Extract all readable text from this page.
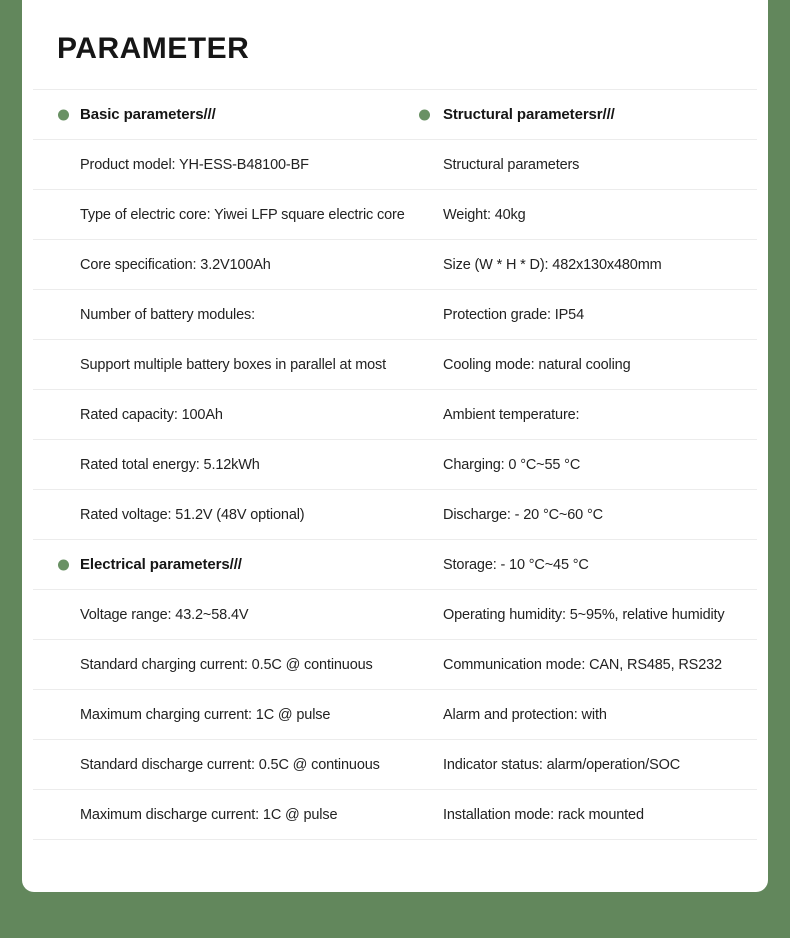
PARAMETER
Basic parameters///	Structural parametersr///
Product model: YH-ESS-B48100-BF	Structural parameters
Type of electric core: Yiwei LFP square electric core	Weight: 40kg
Core specification: 3.2V100Ah	Size (W * H * D): 482x130x480mm
Number of battery modules:	Protection grade: IP54
Support multiple battery boxes in parallel at most	Cooling mode: natural cooling
Rated capacity: 100Ah	Ambient temperature:
Rated total energy: 5.12kWh	Charging: 0 °C~55 °C
Rated voltage: 51.2V (48V optional)	Discharge: - 20 °C~60 °C
Electrical parameters///	Storage: - 10 °C~45 °C
Voltage range: 43.2~58.4V	Operating humidity: 5~95%, relative humidity
Standard charging current: 0.5C @ continuous	Communication mode: CAN, RS485, RS232
Maximum charging current: 1C @ pulse	Alarm and protection: with
Standard discharge current: 0.5C @ continuous	Indicator status: alarm/operation/SOC
Maximum discharge current: 1C @ pulse	Installation mode: rack mounted
